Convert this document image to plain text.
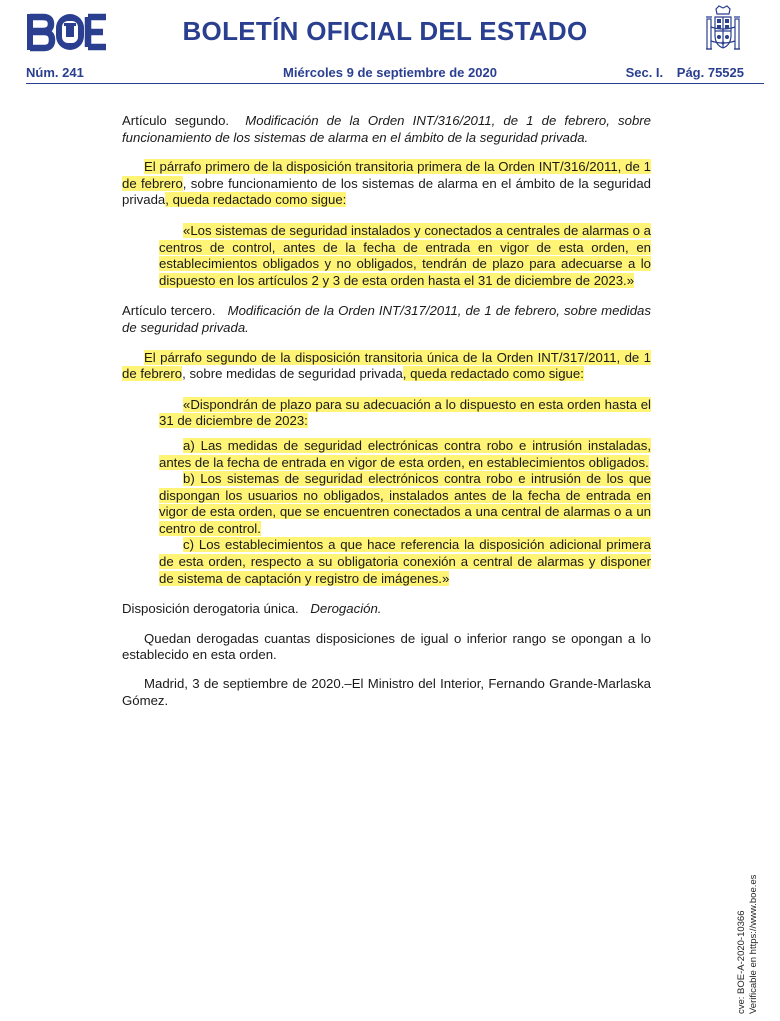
BOLETÍN OFICIAL DEL ESTADO
Núm. 241	Miércoles 9 de septiembre de 2020	Sec. I. Pág. 75525

Artículo segundo. Modificación de la Orden INT/316/2011, de 1 de febrero, sobre funcionamiento de los sistemas de alarma en el ámbito de la seguridad privada.

El párrafo primero de la disposición transitoria primera de la Orden INT/316/2011, de 1 de febrero, sobre funcionamiento de los sistemas de alarma en el ámbito de la seguridad privada, queda redactado como sigue:

«Los sistemas de seguridad instalados y conectados a centrales de alarmas o a centros de control, antes de la fecha de entrada en vigor de esta orden, en establecimientos obligados y no obligados, tendrán de plazo para adecuarse a lo dispuesto en los artículos 2 y 3 de esta orden hasta el 31 de diciembre de 2023.»

Artículo tercero. Modificación de la Orden INT/317/2011, de 1 de febrero, sobre medidas de seguridad privada.

El párrafo segundo de la disposición transitoria única de la Orden INT/317/2011, de 1 de febrero, sobre medidas de seguridad privada, queda redactado como sigue:

«Dispondrán de plazo para su adecuación a lo dispuesto en esta orden hasta el 31 de diciembre de 2023:

a) Las medidas de seguridad electrónicas contra robo e intrusión instaladas, antes de la fecha de entrada en vigor de esta orden, en establecimientos obligados.

b) Los sistemas de seguridad electrónicos contra robo e intrusión de los que dispongan los usuarios no obligados, instalados antes de la fecha de entrada en vigor de esta orden, que se encuentren conectados a una central de alarmas o a un centro de control.

c) Los establecimientos a que hace referencia la disposición adicional primera de esta orden, respecto a su obligatoria conexión a central de alarmas y disponer de sistema de captación y registro de imágenes.»

Disposición derogatoria única. Derogación.

Quedan derogadas cuantas disposiciones de igual o inferior rango se opongan a lo establecido en esta orden.

Madrid, 3 de septiembre de 2020.–El Ministro del Interior, Fernando Grande-Marlaska Gómez.

cve: BOE-A-2020-10366 Verificable en https://www.boe.es
